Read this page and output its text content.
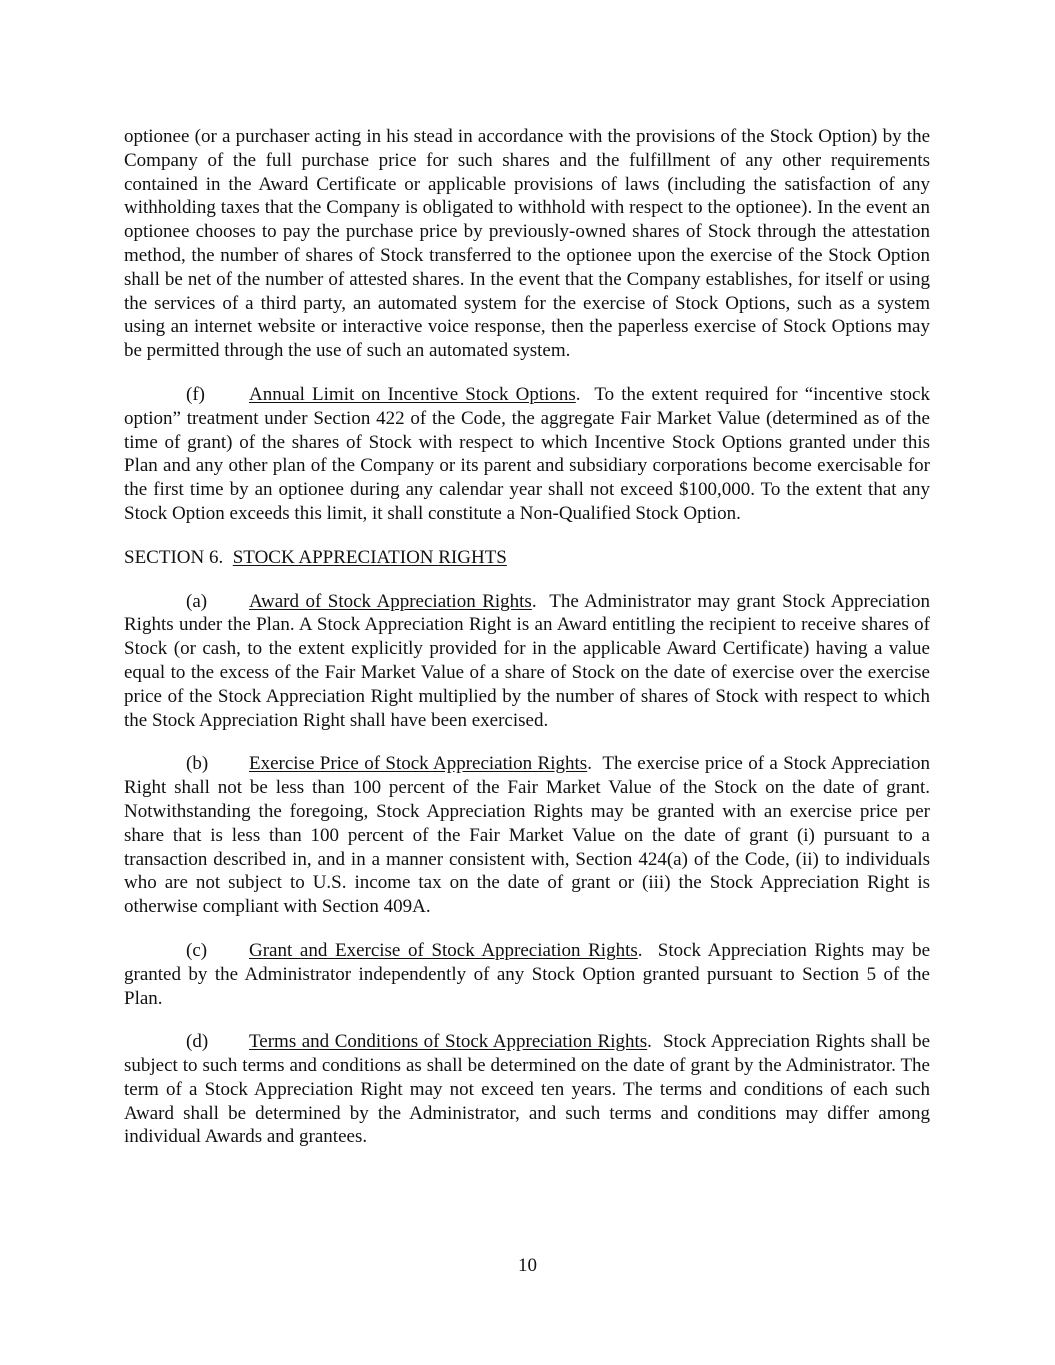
optionee (or a purchaser acting in his stead in accordance with the provisions of the Stock Option) by the Company of the full purchase price for such shares and the fulfillment of any other requirements contained in the Award Certificate or applicable provisions of laws (including the satisfaction of any withholding taxes that the Company is obligated to withhold with respect to the optionee). In the event an optionee chooses to pay the purchase price by previously-owned shares of Stock through the attestation method, the number of shares of Stock transferred to the optionee upon the exercise of the Stock Option shall be net of the number of attested shares. In the event that the Company establishes, for itself or using the services of a third party, an automated system for the exercise of Stock Options, such as a system using an internet website or interactive voice response, then the paperless exercise of Stock Options may be permitted through the use of such an automated system.

(f) Annual Limit on Incentive Stock Options.  To the extent required for “incentive stock option” treatment under Section 422 of the Code, the aggregate Fair Market Value (determined as of the time of grant) of the shares of Stock with respect to which Incentive Stock Options granted under this Plan and any other plan of the Company or its parent and subsidiary corporations become exercisable for the first time by an optionee during any calendar year shall not exceed $100,000. To the extent that any Stock Option exceeds this limit, it shall constitute a Non-Qualified Stock Option.

SECTION 6. STOCK APPRECIATION RIGHTS

(a) Award of Stock Appreciation Rights.  The Administrator may grant Stock Appreciation Rights under the Plan. A Stock Appreciation Right is an Award entitling the recipient to receive shares of Stock (or cash, to the extent explicitly provided for in the applicable Award Certificate) having a value equal to the excess of the Fair Market Value of a share of Stock on the date of exercise over the exercise price of the Stock Appreciation Right multiplied by the number of shares of Stock with respect to which the Stock Appreciation Right shall have been exercised.

(b) Exercise Price of Stock Appreciation Rights.  The exercise price of a Stock Appreciation Right shall not be less than 100 percent of the Fair Market Value of the Stock on the date of grant. Notwithstanding the foregoing, Stock Appreciation Rights may be granted with an exercise price per share that is less than 100 percent of the Fair Market Value on the date of grant (i) pursuant to a transaction described in, and in a manner consistent with, Section 424(a) of the Code, (ii) to individuals who are not subject to U.S. income tax on the date of grant or (iii) the Stock Appreciation Right is otherwise compliant with Section 409A.

(c) Grant and Exercise of Stock Appreciation Rights.  Stock Appreciation Rights may be granted by the Administrator independently of any Stock Option granted pursuant to Section 5 of the Plan.

(d) Terms and Conditions of Stock Appreciation Rights.  Stock Appreciation Rights shall be subject to such terms and conditions as shall be determined on the date of grant by the Administrator. The term of a Stock Appreciation Right may not exceed ten years. The terms and conditions of each such Award shall be determined by the Administrator, and such terms and conditions may differ among individual Awards and grantees.

10
